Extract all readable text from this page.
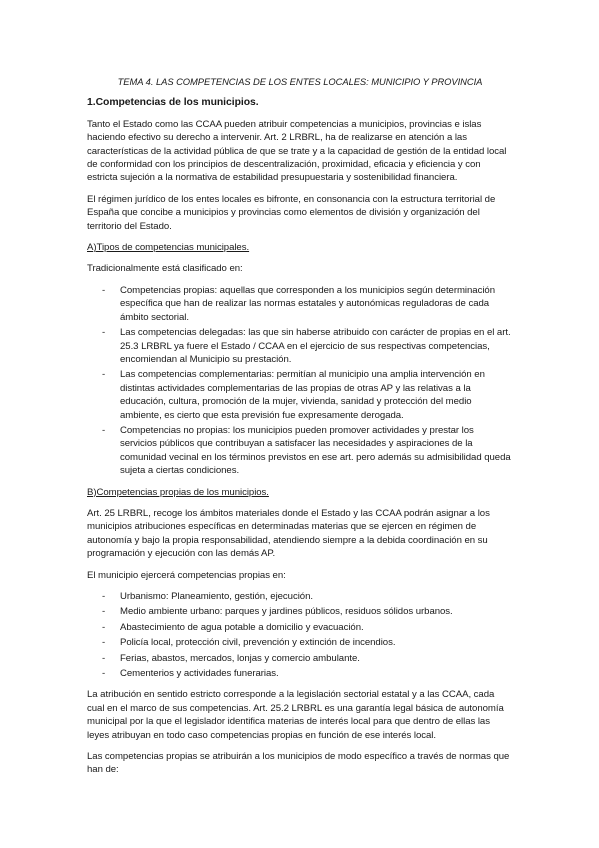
TEMA 4. LAS COMPETENCIAS DE LOS ENTES LOCALES: MUNICIPIO Y PROVINCIA
1.Competencias de los municipios.

Tanto el Estado como las CCAA pueden atribuir competencias a municipios, provincias e islas haciendo efectivo su derecho a intervenir. Art. 2 LRBRL, ha de realizarse en atención a las características de la actividad pública de que se trate y a la capacidad de gestión de la entidad local de conformidad con los principios de descentralización, proximidad, eficacia y eficiencia y con estricta sujeción a la normativa de estabilidad presupuestaria y sostenibilidad financiera.

El régimen jurídico de los entes locales es bifronte, en consonancia con la estructura territorial de España que concibe a municipios y provincias como elementos de división y organización del territorio del Estado.

A)Tipos de competencias municipales.

Tradicionalmente está clasificado en:

- Competencias propias: aquellas que corresponden a los municipios según determinación específica que han de realizar las normas estatales y autonómicas reguladoras de cada ámbito sectorial.
- Las competencias delegadas: las que sin haberse atribuido con carácter de propias en el art. 25.3 LRBRL ya fuere el Estado / CCAA en el ejercicio de sus respectivas competencias, encomiendan al Municipio su prestación.
- Las competencias complementarias: permitían al municipio una amplia intervención en distintas actividades complementarias de las propias de otras AP y las relativas a la educación, cultura, promoción de la mujer, vivienda, sanidad y protección del medio ambiente, es cierto que esta previsión fue expresamente derogada.
- Competencias no propias: los municipios pueden promover actividades y prestar los servicios públicos que contribuyan a satisfacer las necesidades y aspiraciones de la comunidad vecinal en los términos previstos en ese art. pero además su admisibilidad queda sujeta a ciertas condiciones.
B)Competencias propias de los municipios.

Art. 25 LRBRL, recoge los ámbitos materiales donde el Estado y las CCAA podrán asignar a los municipios atribuciones específicas en determinadas materias que se ejercen en régimen de autonomía y bajo la propia responsabilidad, atendiendo siempre a la debida coordinación en su programación y ejecución con las demás AP.

El municipio ejercerá competencias propias en:

- Urbanismo: Planeamiento, gestión, ejecución.
- Medio ambiente urbano: parques y jardines públicos, residuos sólidos urbanos.
- Abastecimiento de agua potable a domicilio y evacuación.
- Policía local, protección civil, prevención y extinción de incendios.
- Ferias, abastos, mercados, lonjas y comercio ambulante.
- Cementerios y actividades funerarias.

La atribución en sentido estricto corresponde a la legislación sectorial estatal y a las CCAA, cada cual en el marco de sus competencias. Art. 25.2 LRBRL es una garantía legal básica de autonomía municipal por la que el legislador identifica materias de interés local para que dentro de ellas las leyes atribuyan en todo caso competencias propias en función de ese interés local.

Las competencias propias se atribuirán a los municipios de modo específico a través de normas que han de:
